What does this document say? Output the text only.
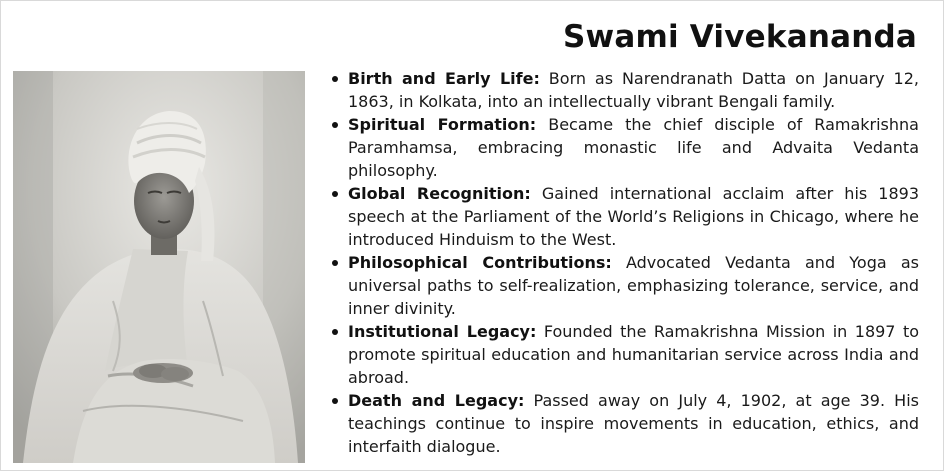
Swami Vivekananda
Birth and Early Life: Born as Narendranath Datta on January 12, 1863, in Kolkata, into an intellectually vibrant Bengali family.
Spiritual Formation: Became the chief disciple of Ramakrishna Paramhamsa, embracing monastic life and Advaita Vedanta philosophy.
Global Recognition: Gained international acclaim after his 1893 speech at the Parliament of the World’s Religions in Chicago, where he introduced Hinduism to the West.
Philosophical Contributions: Advocated Vedanta and Yoga as universal paths to self-realization, emphasizing tolerance, service, and inner divinity.
Institutional Legacy: Founded the Ramakrishna Mission in 1897 to promote spiritual education and humanitarian service across India and abroad.
Death and Legacy: Passed away on July 4, 1902, at age 39. His teachings continue to inspire movements in education, ethics, and interfaith dialogue.
